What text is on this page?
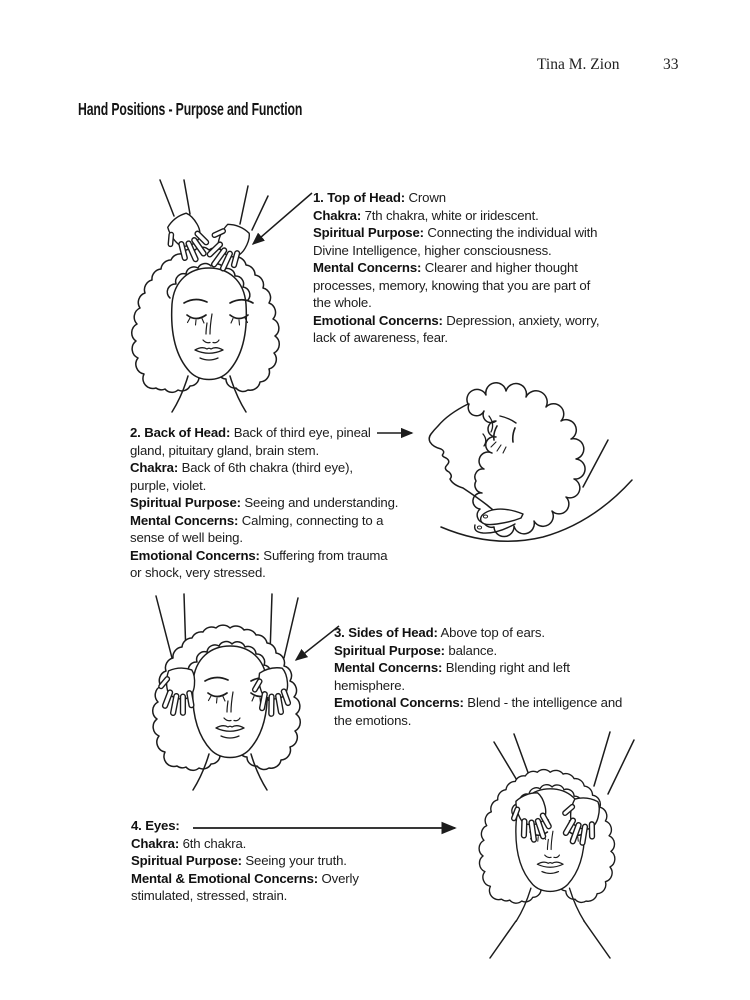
Tina M. Zion	33
Hand Positions - Purpose and Function
1. Top of Head: Crown
Chakra: 7th chakra, white or iridescent.
Spiritual Purpose: Connecting the individual with
Divine Intelligence, higher consciousness.
Mental Concerns: Clearer and higher thought
processes, memory, knowing that you are part of
the whole.
Emotional Concerns: Depression, anxiety, worry,
lack of awareness, fear.
2. Back of Head: Back of third eye, pineal
gland, pituitary gland, brain stem.
Chakra: Back of 6th chakra (third eye),
purple, violet.
Spiritual Purpose: Seeing and understanding.
Mental Concerns: Calming, connecting to a
sense of well being.
Emotional Concerns: Suffering from trauma
or shock, very stressed.
3. Sides of Head: Above top of ears.
Spiritual Purpose: balance.
Mental Concerns: Blending right and left
hemisphere.
Emotional Concerns: Blend - the intelligence and
the emotions.
4. Eyes:
Chakra: 6th chakra.
Spiritual Purpose: Seeing your truth.
Mental & Emotional Concerns: Overly
stimulated, stressed, strain.
